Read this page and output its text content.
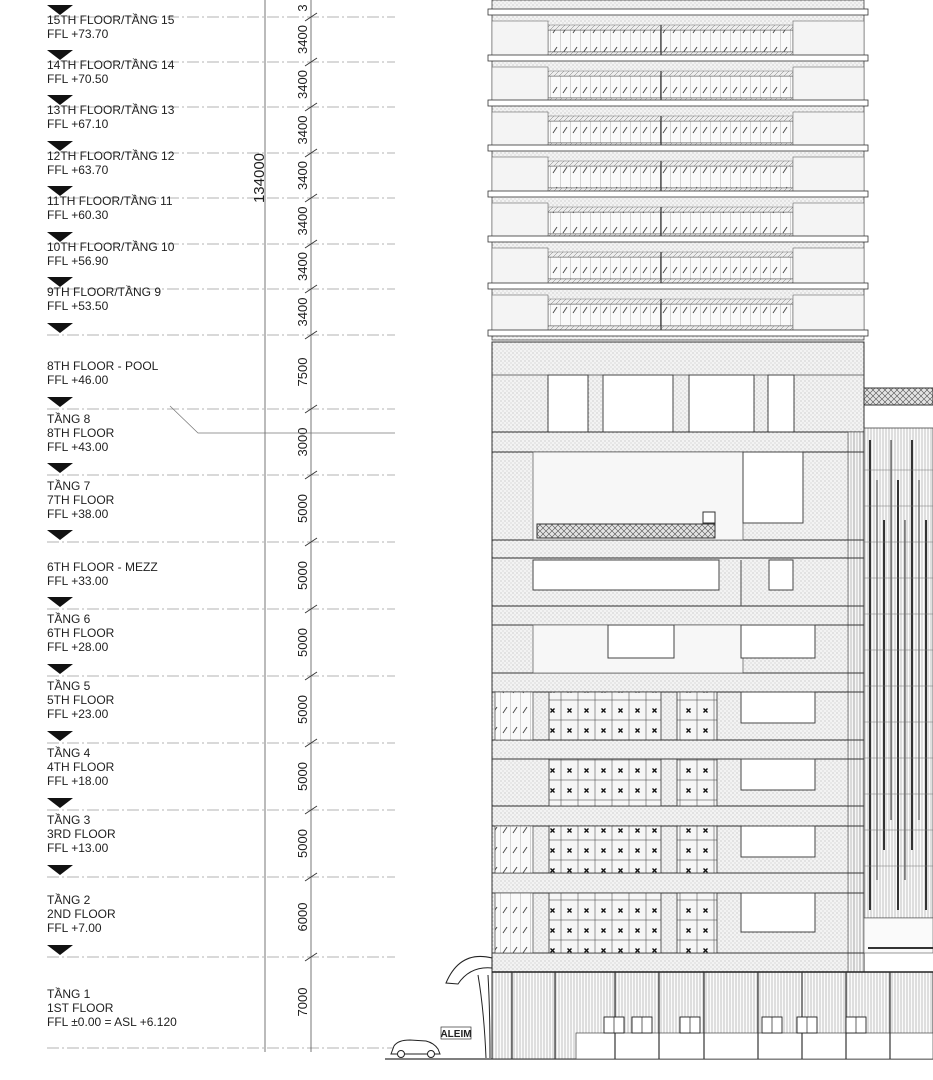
15TH FLOOR/TẦNG 15
FFL +73.70
14TH FLOOR/TẦNG 14
FFL +70.50
13TH FLOOR/TẦNG 13
FFL +67.10
12TH FLOOR/TẦNG 12
FFL +63.70
11TH FLOOR/TẦNG 11
FFL +60.30
10TH FLOOR/TẦNG 10
FFL +56.90
9TH FLOOR/TẦNG 9
FFL +53.50
8TH FLOOR - POOL
FFL +46.00
TẦNG 8
8TH FLOOR
FFL +43.00
TẦNG 7
7TH FLOOR
FFL +38.00
6TH FLOOR - MEZZ
FFL +33.00
TẦNG 6
6TH FLOOR
FFL +28.00
TẦNG 5
5TH FLOOR
FFL +23.00
TẦNG 4
4TH FLOOR
FFL +18.00
TẦNG 3
3RD FLOOR
FFL +13.00
TẦNG 2
2ND FLOOR
FFL +7.00
TẦNG 1
1ST FLOOR
FFL ±0.00 = ASL +6.120
3
3400
3400
3400
3400
3400
3400
3400
7500
3000
5000
5000
5000
5000
5000
5000
6000
7000
134000
ALEIM
